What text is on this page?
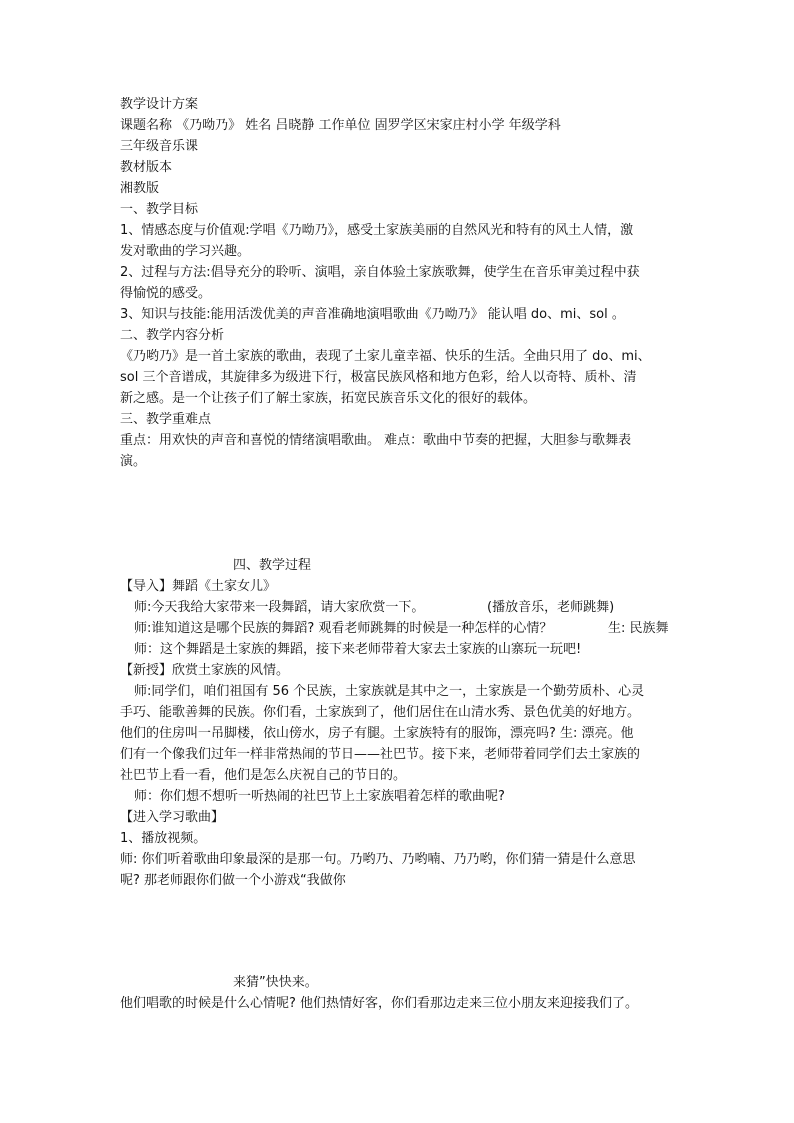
教学设计方案
课题名称 《乃呦乃》 姓名 吕晓静 工作单位 固罗学区宋家庄村小学 年级学科
三年级音乐课
教材版本
湘教版
一、教学目标
1、情感态度与价值观:学唱《乃呦乃》，感受土家族美丽的自然风光和特有的风土人情，激
发对歌曲的学习兴趣。
2、过程与方法:倡导充分的聆听、演唱，亲自体验土家族歌舞，使学生在音乐审美过程中获
得愉悦的感受。
3、知识与技能:能用活泼优美的声音准确地演唱歌曲《乃呦乃》 能认唱 do、mi、sol 。
二、教学内容分析
《乃哟乃》是一首土家族的歌曲，表现了土家儿童幸福、快乐的生活。全曲只用了 do、mi、
sol 三个音谱成，其旋律多为级进下行，极富民族风格和地方色彩，给人以奇特、质朴、清
新之感。是一个让孩子们了解土家族，拓宽民族音乐文化的很好的载体。
三、教学重难点
重点：用欢快的声音和喜悦的情绪演唱歌曲。 难点：歌曲中节奏的把握，大胆参与歌舞表
演。
四、教学过程
【导入】舞蹈《土家女儿》
师:今天我给大家带来一段舞蹈，请大家欣赏一下。	(播放音乐，老师跳舞)
师:谁知道这是哪个民族的舞蹈? 观看老师跳舞的时候是一种怎样的心情？	生: 民族舞
师：这个舞蹈是土家族的舞蹈，接下来老师带着大家去土家族的山寨玩一玩吧!
【新授】欣赏土家族的风情。
师:同学们，咱们祖国有 56 个民族，土家族就是其中之一，土家族是一个勤劳质朴、心灵
手巧、能歌善舞的民族。你们看，土家族到了，他们居住在山清水秀、景色优美的好地方。
他们的住房叫一吊脚楼，依山傍水，房子有腿。土家族特有的服饰，漂亮吗? 生: 漂亮。他
们有一个像我们过年一样非常热闹的节日——社巴节。接下来，老师带着同学们去土家族的
社巴节上看一看，他们是怎么庆祝自己的节日的。
师：你们想不想听一听热闹的社巴节上土家族唱着怎样的歌曲呢?
【进入学习歌曲】
1、播放视频。
师: 你们听着歌曲印象最深的是那一句。乃哟乃、乃哟喃、乃乃哟，你们猜一猜是什么意思
呢? 那老师跟你们做一个小游戏“我做你
来猜”快快来。
他们唱歌的时候是什么心情呢? 他们热情好客，你们看那边走来三位小朋友来迎接我们了。
